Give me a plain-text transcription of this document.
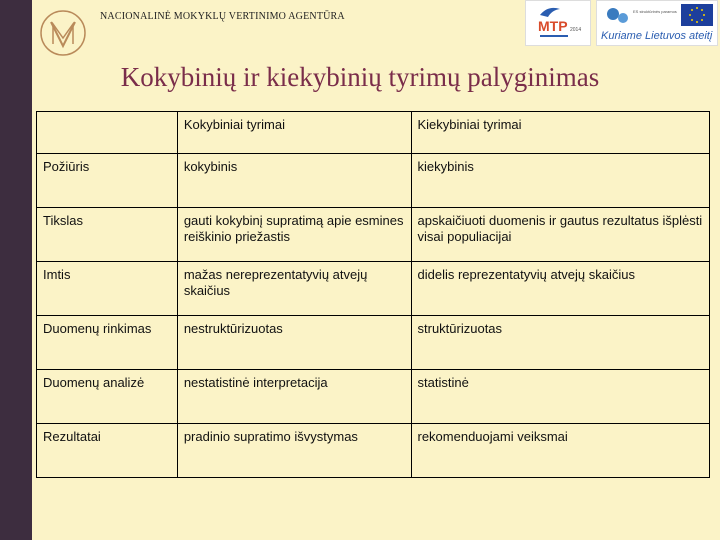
NACIONALINĖ MOKYKLŲ VERTINIMO AGENTŪRA
MTP 2014
ES struktūrinės paramos
Kuriame Lietuvos ateitį
Kokybinių ir kiekybinių tyrimų palyginimas
	Kokybiniai tyrimai	Kiekybiniai tyrimai
Požiūris	kokybinis	kiekybinis
Tikslas	gauti kokybinį supratimą apie esmines reiškinio priežastis	apskaičiuoti duomenis ir gautus rezultatus išplėsti visai populiacijai
Imtis	mažas nereprezentatyvių atvejų skaičius	didelis reprezentatyvių atvejų skaičius
Duomenų rinkimas	nestruktūrizuotas	struktūrizuotas
Duomenų analizė	nestatistinė interpretacija	statistinė
Rezultatai	pradinio supratimo išvystymas	rekomenduojami veiksmai
